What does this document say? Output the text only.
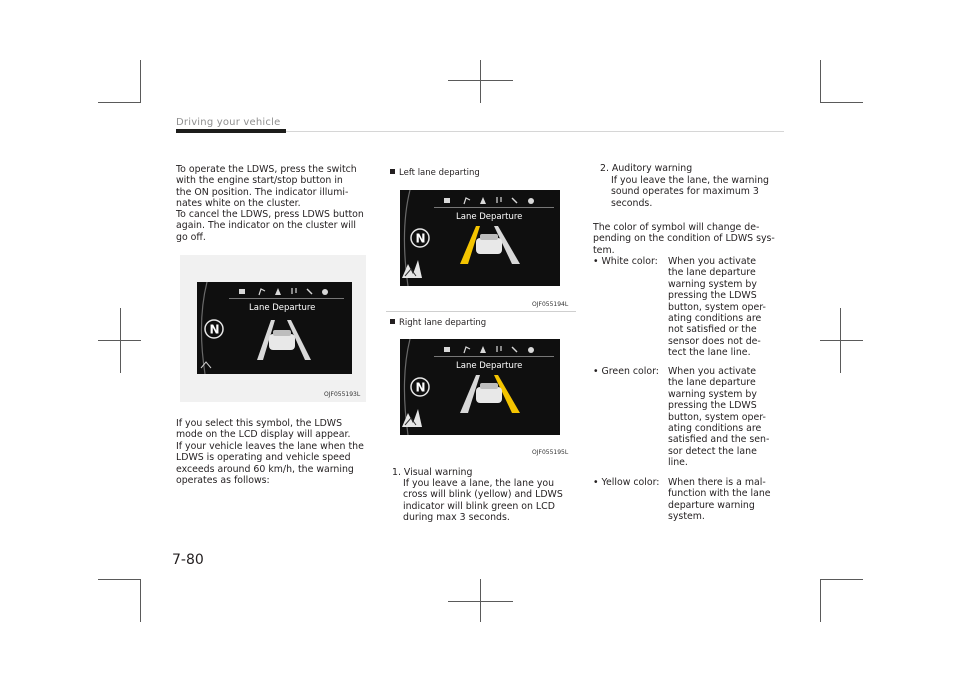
Driving your vehicle
To operate the LDWS, press the switch
with the engine start/stop button in
the ON position. The indicator illumi-
nates white on the cluster.
To cancel the LDWS, press LDWS button
again. The indicator on the cluster will
go off.
Lane Departure
N
OJF055193L
If you select this symbol, the LDWS
mode on the LCD display will appear.
If your vehicle leaves the lane when the
LDWS is operating and vehicle speed
exceeds around 60 km/h, the warning
operates as follows:
Left lane departing
Lane Departure
N
OJF055194L
Right lane departing
Lane Departure
N
OJF055195L
1. Visual warning
If you leave a lane, the lane you
cross will blink (yellow) and LDWS
indicator will blink green on LCD
during max 3 seconds.
2. Auditory warning
If you leave the lane, the warning
sound operates for maximum 3
seconds.
The color of symbol will change de-
pending on the condition of LDWS sys-
tem.
• White color: When you activate
the lane departure
warning system by
pressing the LDWS
button, system oper-
ating conditions are
not satisfied or the
sensor does not de-
tect the lane line.
• Green color: When you activate
the lane departure
warning system by
pressing the LDWS
button, system oper-
ating conditions are
satisfied and the sen-
sor detect the lane
line.
• Yellow color: When there is a mal-
function with the lane
departure warning
system.
7-80
